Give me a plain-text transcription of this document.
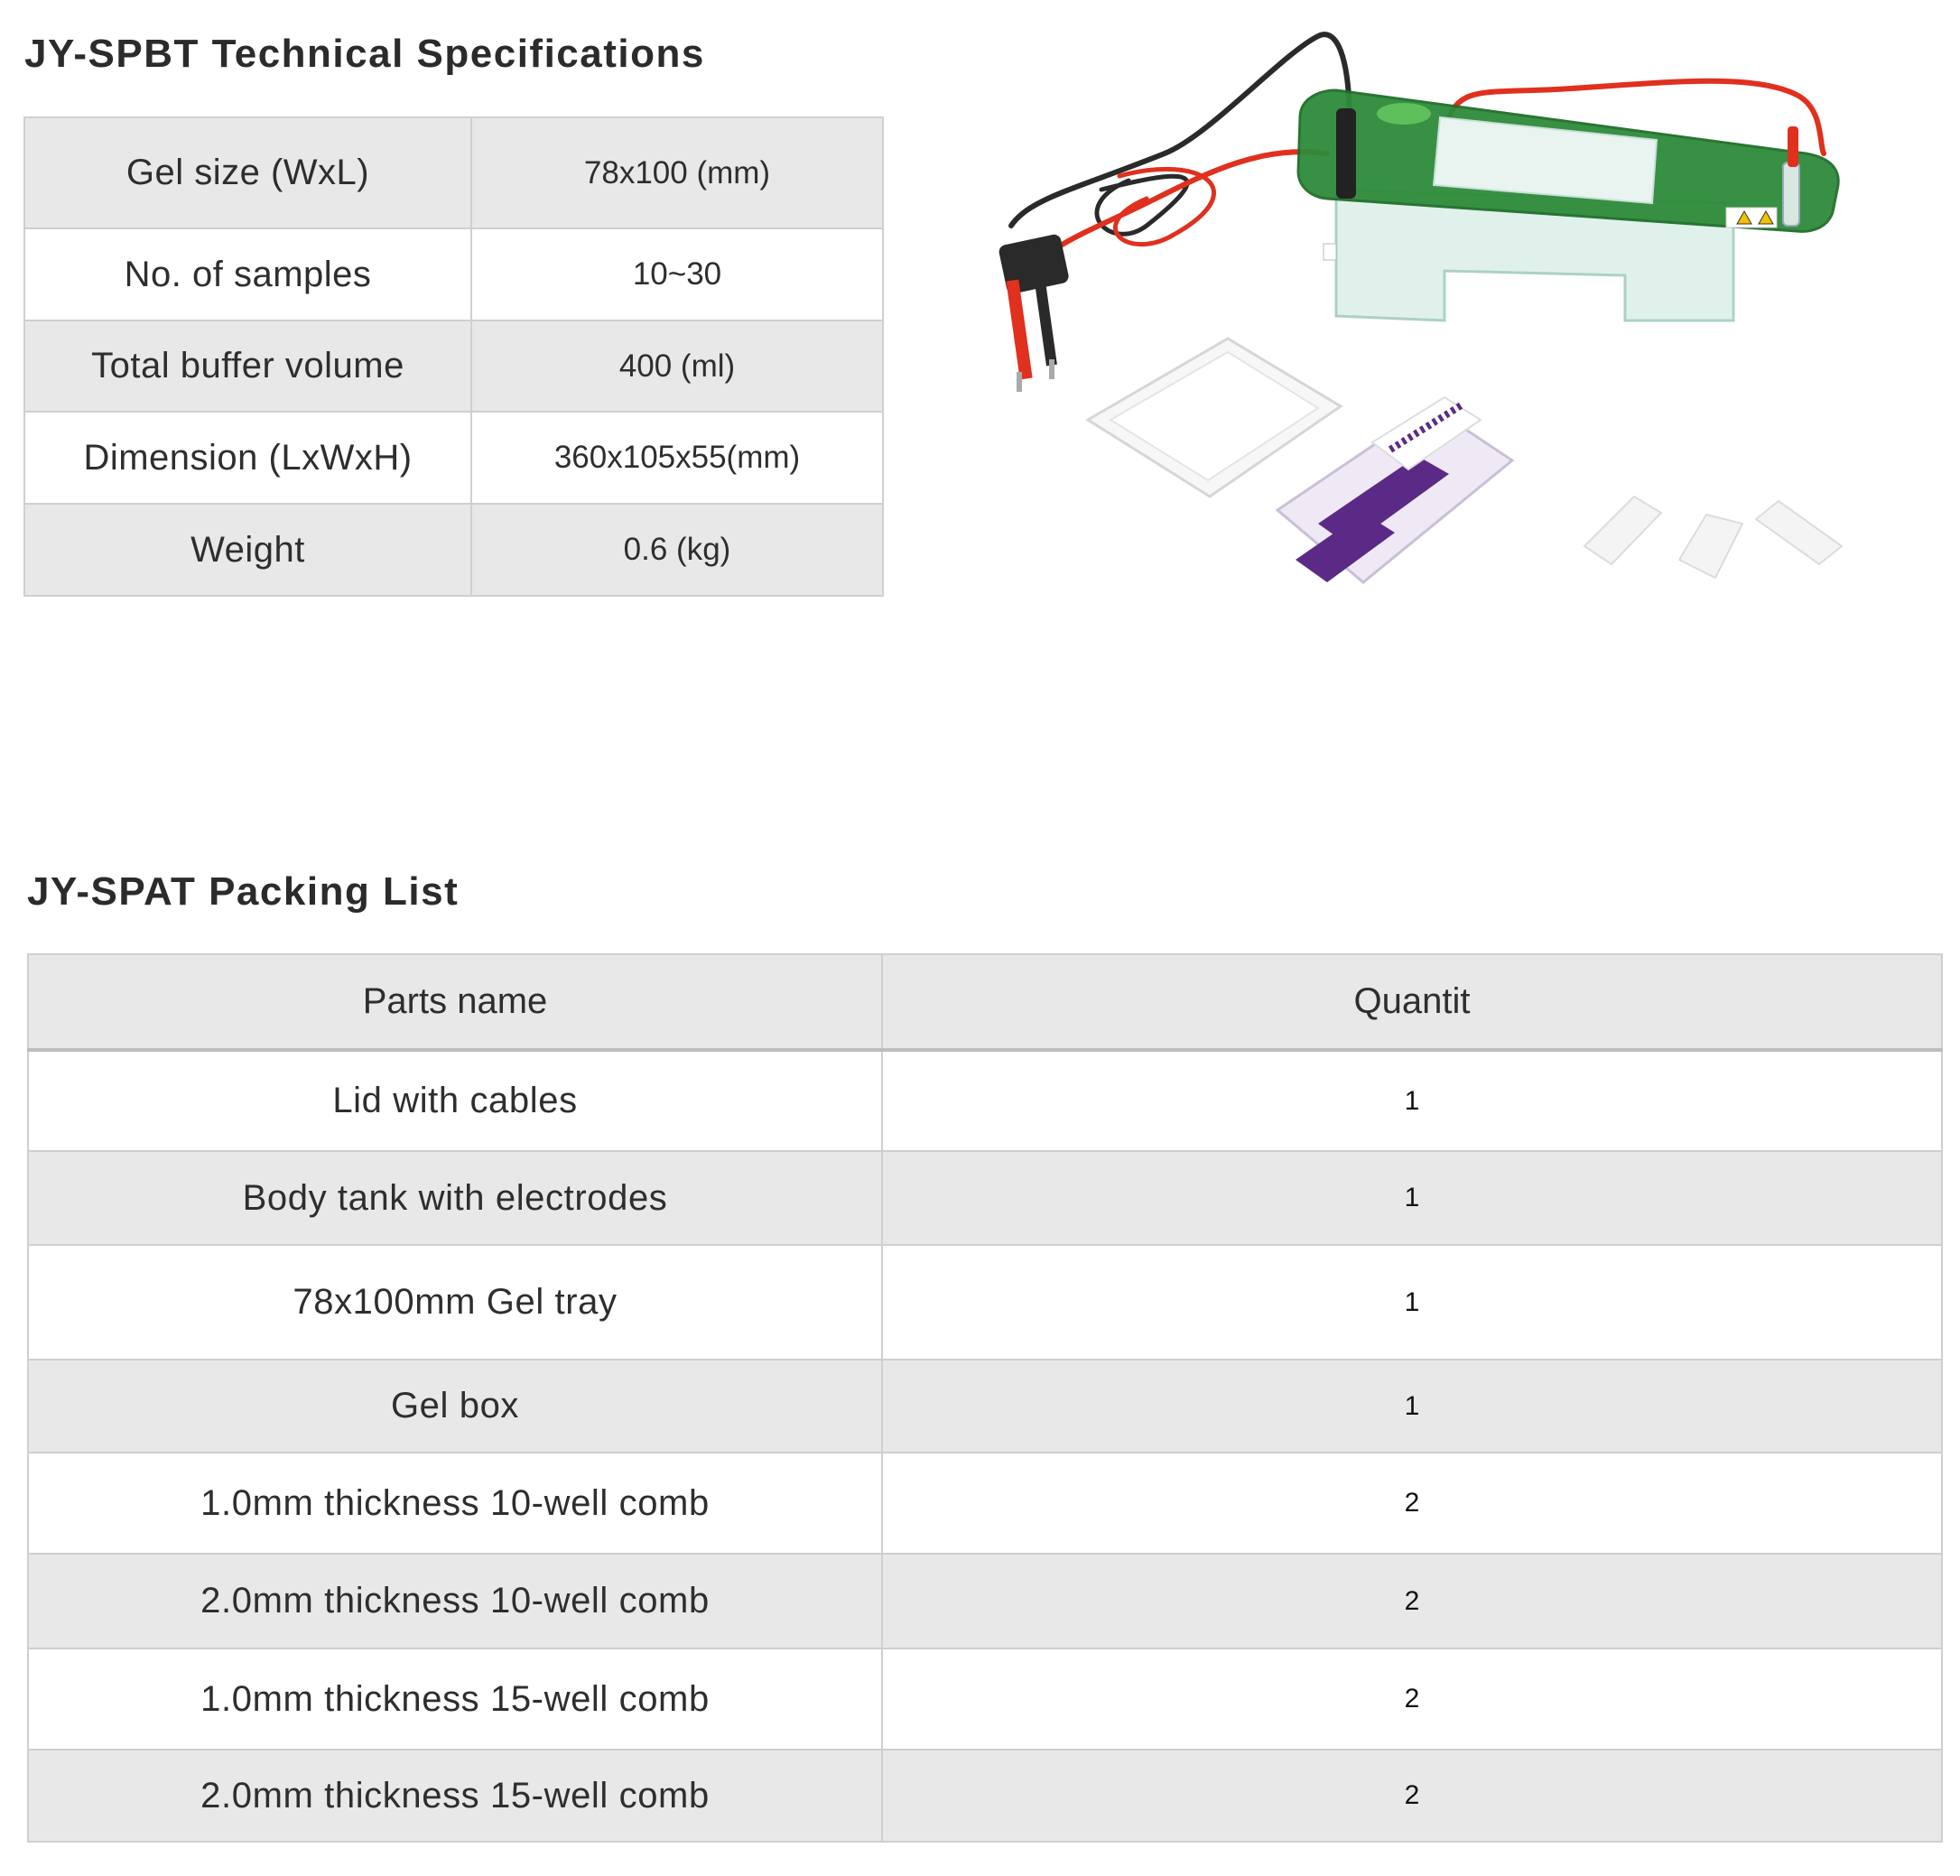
JY-SPBT Technical Specifications
Gel size (WxL)	78x100 (mm)
No. of samples	10~30
Total buffer volume	400 (ml)
Dimension (LxWxH)	360x105x55(mm)
Weight	0.6 (kg)
JY-SPAT Packing List
Parts name	Quantit
Lid with cables	1
Body tank with electrodes	1
78x100mm Gel tray	1
Gel box	1
1.0mm thickness 10-well comb	2
2.0mm thickness 10-well comb	2
1.0mm thickness 15-well comb	2
2.0mm thickness 15-well comb	2
